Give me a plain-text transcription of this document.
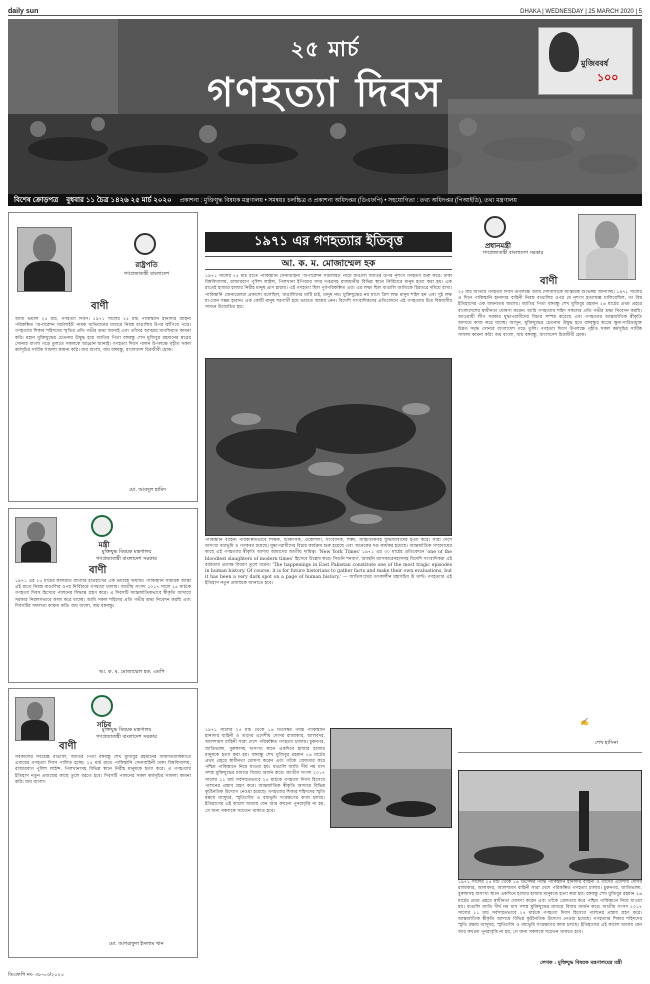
daily sun	DHAKA | WEDNESDAY | 25 MARCH 2020 | 5
২৫ মার্চ
গণহত্যা দিবস
মুজিববর্ষ
১০০
বিশেষ ক্রোড়পত্র বুধবার ১১ চৈত্র ১৪২৬ ২৫ মার্চ ২০২০ প্রকাশনা : মুক্তিযুদ্ধ বিষয়ক মন্ত্রণালয় • সমন্বয়ঃ চলচ্চিত্র ও প্রকাশনা অধিদপ্তর (ডিএফপি) • সহযোগিতা : তথ্য অধিদপ্তর (পিআইডি), তথ্য মন্ত্রণালয়
রাষ্ট্রপতি
গণপ্রজাতন্ত্রী বাংলাদেশ
বাণী
আজ ভয়াল ২৫ মার্চ, গণহত্যা দিবস। ১৯৭১ সালের ২৫ মার্চ পাকিস্তানি হানাদার বাহিনী পরিকল্পিত 'অপারেশন সার্চলাইট' নামক অভিযানের মাধ্যমে নিরস্ত্র বাঙালির উপর ঝাঁপিয়ে পড়ে। গণহত্যার শিকার শহিদদের স্মৃতির প্রতি গভীর শ্রদ্ধা জানাই এবং তাঁদের আত্মার মাগফিরাত কামনা করি। মহান মুক্তিযুদ্ধের চেতনায় উদ্বুদ্ধ হয়ে জাতির পিতা বঙ্গবন্ধু শেখ মুজিবুর রহমানের স্বপ্নের সোনার বাংলা গড়ে তুলতে সকলকে আহ্বান জানাই। গণহত্যা দিবস পালন উপলক্ষে গৃহীত সকল কর্মসূচির সার্বিক সাফল্য কামনা করি। জয় বাংলা, জয় বঙ্গবন্ধু, বাংলাদেশ চিরজীবী হোক।
মো. আবদুল হামিদ
মন্ত্রী
মুক্তিযুদ্ধ বিষয়ক মন্ত্রণালয়
গণপ্রজাতন্ত্রী বাংলাদেশ সরকার
বাণী
১৯৭১ এর ২৫ মার্চের কালরাত বাংলার ইতিহাসের এক ভয়াবহ অধ্যায়। পাকিস্তানি সামরিক জান্তা এই রাতে নিরস্ত্র বাঙালির ওপর নির্বিচারে গণহত্যা চালায়। জাতীয় সংসদ ২০১৭ সালে ২৫ মার্চকে গণহত্যা দিবস হিসেবে পালনের সিদ্ধান্ত গ্রহণ করে। এ দিবসটি আন্তর্জাতিকভাবে স্বীকৃতি আদায়ে সরকার নিরলসভাবে কাজ করে যাচ্ছে। আমি সকল শহিদের প্রতি গভীর শ্রদ্ধা নিবেদন করছি এবং দিবসটির সফলতা কামনা করি। জয় বাংলা, জয় বঙ্গবন্ধু।
আ. ক. ম. মোজাম্মেল হক, এমপি
সচিব
মুক্তিযুদ্ধ বিষয়ক মন্ত্রণালয়
গণপ্রজাতন্ত্রী বাংলাদেশ সরকার
বাণী
সর্বকালের সর্বশ্রেষ্ঠ বাঙালি, জাতির পিতা বঙ্গবন্ধু শেখ মুজিবুর রহমানের জন্মশতবার্ষিকীতে এবারের গণহত্যা দিবস পালিত হচ্ছে। ২৫ মার্চ রাতে পাকিস্তানি সেনাবাহিনী ঢাকা বিশ্ববিদ্যালয়, রাজারবাগ পুলিশ লাইন্স, পিলখানাসহ বিভিন্ন স্থানে নিরীহ মানুষকে হত্যা করে। এ গণহত্যার ইতিহাস নতুন প্রজন্মের কাছে তুলে ধরতে হবে। দিবসটি পালনের সকল কর্মসূচির সাফল্য কামনা করি। জয় বাংলা।
মো. আশরাফুল ইসলাম খান
১৯৭১ এর গণহত্যার ইতিবৃত্ত
আ. ক. ম. মোজাম্মেল হক
১৯৭১ সালের ২৫ মার্চ রাতে পাকিস্তানি সেনাবাহিনী 'অপারেশন সার্চলাইট' নামে বাঙালি জাতির উপর নৃশংস গণহত্যা শুরু করে। ঢাকা বিশ্ববিদ্যালয়, রাজারবাগ পুলিশ লাইন্স, পিলখানা ইপিআর সদর দপ্তরসহ রাজধানীর বিভিন্ন স্থানে নির্বিচারে মানুষ হত্যা করা হয়। এক রাতেই হাজার হাজার নিরীহ মানুষ প্রাণ হারায়। এই গণহত্যা ছিল পূর্বপরিকল্পিত এবং এর লক্ষ্য ছিল বাঙালি জাতিকে চিরতরে দমিয়ে রাখা। পাকিস্তানি জেনারেলরা প্রকাশ্যে বলেছিল, বাঙালিদের মাটি চাই, মানুষ নয়। মুক্তিযুদ্ধের নয় মাসে ত্রিশ লক্ষ মানুষ শহিদ হন এবং দুই লক্ষ মা-বোন সম্ভ্রম হারান। এক কোটি মানুষ শরণার্থী হয়ে ভারতে আশ্রয় নেন। বিদেশি সাংবাদিকদের প্রতিবেদনে এই গণহত্যার চিত্র বিশ্ববাসীর সামনে উন্মোচিত হয়।
পাকিস্তানি বাহিনী পরিকল্পিতভাবে শিক্ষক, চিকিৎসক, প্রকৌশলী, সাংবাদিক, শিল্পী, সাহিত্যিকসহ বুদ্ধিজীবীদের হত্যা করে। সারা দেশে অসংখ্য বধ্যভূমি ও গণকবর রয়েছে। যুদ্ধাপরাধীদের বিচার কার্যক্রম শুরু হয়েছে এবং অনেকের দণ্ড কার্যকর হয়েছে। আন্তর্জাতিক সম্প্রদায়ের কাছে এই গণহত্যার স্বীকৃতি আদায় আমাদের জাতীয় দায়িত্ব। 'New York Times' ১৯৭১ এর ৩০ মার্চের প্রতিবেদনে 'one of the bloodiest slaughters of modern times' হিসেবে উল্লেখ করে। সিডনি শনবার্গ, অ্যান্থনি ম্যাসকারেনহাসসহ বিদেশি সাংবাদিকরা এই বর্বরতার প্রত্যক্ষ বিবরণ তুলে ধরেন। 'The happenings in East Pakistan constitute one of the most tragic episodes in human history. Of course, it is for future historians to gather facts and make their own evaluations, but it has been a very dark spot on a page of human history.' — জাতিসংঘের তৎকালীন মহাসচিব উ থান্ট। গণহত্যার এই ইতিহাস নতুন প্রজন্মকে জানাতে হবে।
১৯৭১ সালের ২৫ মার্চ থেকে ১৬ ডিসেম্বর পর্যন্ত পাকিস্তানি হানাদার বাহিনী ও তাদের এদেশীয় দোসর রাজাকার, আলবদর, আলশামস বাহিনী সারা দেশে পরিকল্পিত গণহত্যা চালায়। চুকনগর, জাতিভাঙ্গা, বুরুঙ্গাসহ অসংখ্য স্থানে একদিনে হাজার হাজার মানুষকে হত্যা করা হয়। বঙ্গবন্ধু শেখ মুজিবুর রহমান ২৬ মার্চের প্রথম প্রহরে স্বাধীনতা ঘোষণা করেন এবং তাঁকে গ্রেফতার করে পশ্চিম পাকিস্তানে নিয়ে যাওয়া হয়। বাঙালি জাতি দীর্ঘ নয় মাস সশস্ত্র মুক্তিযুদ্ধের মাধ্যমে বিজয় অর্জন করে। জাতীয় সংসদ ২০১৭ সালের ১১ মার্চ সর্বসম্মতভাবে ২৫ মার্চকে গণহত্যা দিবস হিসেবে পালনের প্রস্তাব গ্রহণ করে। আন্তর্জাতিক স্বীকৃতি আদায়ে বিভিন্ন কূটনৈতিক উদ্যোগ নেওয়া হয়েছে। গণহত্যার শিকার শহিদদের স্মৃতি রক্ষায় জাদুঘর, স্মৃতিসৌধ ও বধ্যভূমি সংরক্ষণের কাজ চলছে। ইতিহাসের এই কালো অধ্যায় যেন আর কখনো পুনরাবৃত্তি না হয়, সে জন্য সকলকে সচেতন থাকতে হবে।
প্রধানমন্ত্রী
গণপ্রজাতন্ত্রী বাংলাদেশ সরকার
বাণী
২৫ মার্চ জাতীয় গণহত্যা দিবস উপলক্ষে আমি দেশবাসীকে আন্তরিক শুভেচ্ছা জানাচ্ছি। ১৯৭১ সালের এ দিনে পাকিস্তানি হানাদার বাহিনী নিরস্ত্র বাঙালির ওপর যে নৃশংস হত্যাযজ্ঞ চালিয়েছিল, তা বিশ্ব ইতিহাসের এক জঘন্যতম অধ্যায়। জাতির পিতা বঙ্গবন্ধু শেখ মুজিবুর রহমান ২৬ মার্চের প্রথম প্রহরে বাংলাদেশের স্বাধীনতা ঘোষণা করেন। আমি গণহত্যায় শহিদ সকলের প্রতি গভীর শ্রদ্ধা নিবেদন করছি। আওয়ামী লীগ সরকার যুদ্ধাপরাধীদের বিচার সম্পন্ন করেছে এবং গণহত্যার আন্তর্জাতিক স্বীকৃতি আদায়ে কাজ করে যাচ্ছে। আসুন, মুক্তিযুদ্ধের চেতনায় উদ্বুদ্ধ হয়ে বঙ্গবন্ধুর স্বপ্নের ক্ষুধা-দারিদ্র্যমুক্ত উন্নত সমৃদ্ধ সোনার বাংলাদেশ গড়ে তুলি। গণহত্যা দিবস উপলক্ষে গৃহীত সকল কর্মসূচির সার্বিক সাফল্য কামনা করি। জয় বাংলা, জয় বঙ্গবন্ধু, বাংলাদেশ চিরজীবী হোক।
✍
শেখ হাসিনা
১৯৭১ সালের ২৫ মার্চ থেকে ১৬ ডিসেম্বর পর্যন্ত পাকিস্তানি হানাদার বাহিনী ও তাদের এদেশীয় দোসর রাজাকার, আলবদর, আলশামস বাহিনী সারা দেশে পরিকল্পিত গণহত্যা চালায়। চুকনগর, জাতিভাঙ্গা, বুরুঙ্গাসহ অসংখ্য স্থানে একদিনে হাজার হাজার মানুষকে হত্যা করা হয়। বঙ্গবন্ধু শেখ মুজিবুর রহমান ২৬ মার্চের প্রথম প্রহরে স্বাধীনতা ঘোষণা করেন এবং তাঁকে গ্রেফতার করে পশ্চিম পাকিস্তানে নিয়ে যাওয়া হয়। বাঙালি জাতি দীর্ঘ নয় মাস সশস্ত্র মুক্তিযুদ্ধের মাধ্যমে বিজয় অর্জন করে। জাতীয় সংসদ ২০১৭ সালের ১১ মার্চ সর্বসম্মতভাবে ২৫ মার্চকে গণহত্যা দিবস হিসেবে পালনের প্রস্তাব গ্রহণ করে। আন্তর্জাতিক স্বীকৃতি আদায়ে বিভিন্ন কূটনৈতিক উদ্যোগ নেওয়া হয়েছে। গণহত্যার শিকার শহিদদের স্মৃতি রক্ষায় জাদুঘর, স্মৃতিসৌধ ও বধ্যভূমি সংরক্ষণের কাজ চলছে। ইতিহাসের এই কালো অধ্যায় যেন আর কখনো পুনরাবৃত্তি না হয়, সে জন্য সকলকে সচেতন থাকতে হবে।
লেখক : মুক্তিযুদ্ধ বিষয়ক মন্ত্রণালয়ের মন্ত্রী
ডিএফপি নং- ৩৮-০৩/২০২০
